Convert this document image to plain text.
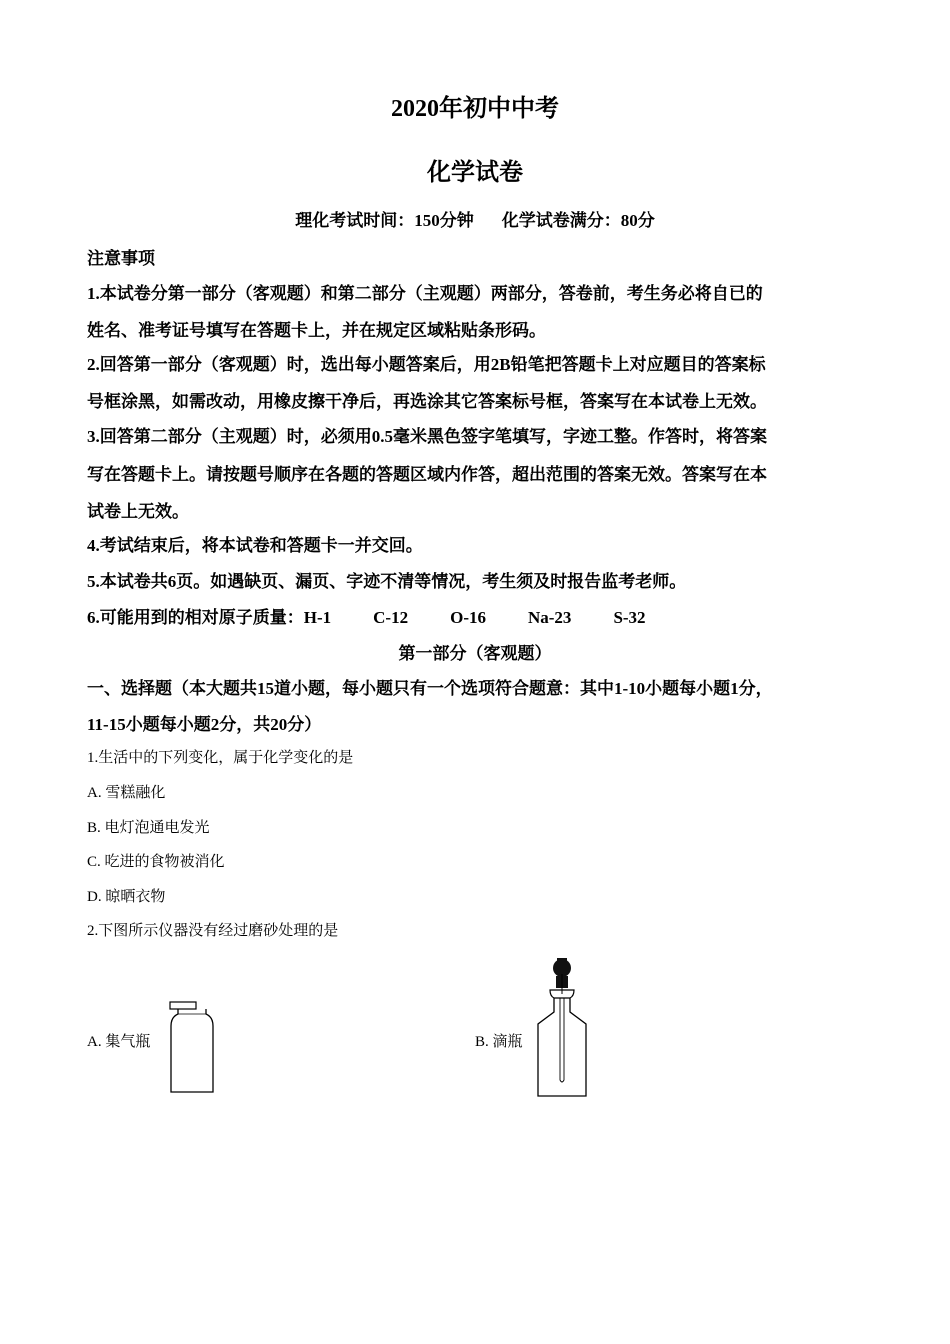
2020年初中中考
化学试卷
理化考试时间：150分钟 化学试卷满分：80分
注意事项
1.本试卷分第一部分（客观题）和第二部分（主观题）两部分，答卷前，考生务必将自已的
姓名、准考证号填写在答题卡上，并在规定区域粘贴条形码。
2.回答第一部分（客观题）时，选出每小题答案后，用2B铅笔把答题卡上对应题目的答案标
号框涂黑，如需改动，用橡皮擦干净后，再选涂其它答案标号框，答案写在本试卷上无效。
3.回答第二部分（主观题）时，必须用0.5毫米黑色签字笔填写，字迹工整。作答时，将答案
写在答题卡上。请按题号顺序在各题的答题区域内作答，超出范围的答案无效。答案写在本
试卷上无效。
4.考试结束后，将本试卷和答题卡一并交回。
5.本试卷共6页。如遇缺页、漏页、字迹不清等情况，考生须及时报告监考老师。
6.可能用到的相对原子质量：H-1 C-12 O-16 Na-23 S-32
第一部分（客观题）
一、选择题（本大题共15道小题，每小题只有一个选项符合题意：其中1-10小题每小题1分，
11-15小题每小题2分，共20分）
1.生活中的下列变化，属于化学变化的是
A. 雪糕融化
B. 电灯泡通电发光
C. 吃进的食物被消化
D. 晾晒衣物
2.下图所示仪器没有经过磨砂处理的是
A. 集气瓶	B. 滴瓶
